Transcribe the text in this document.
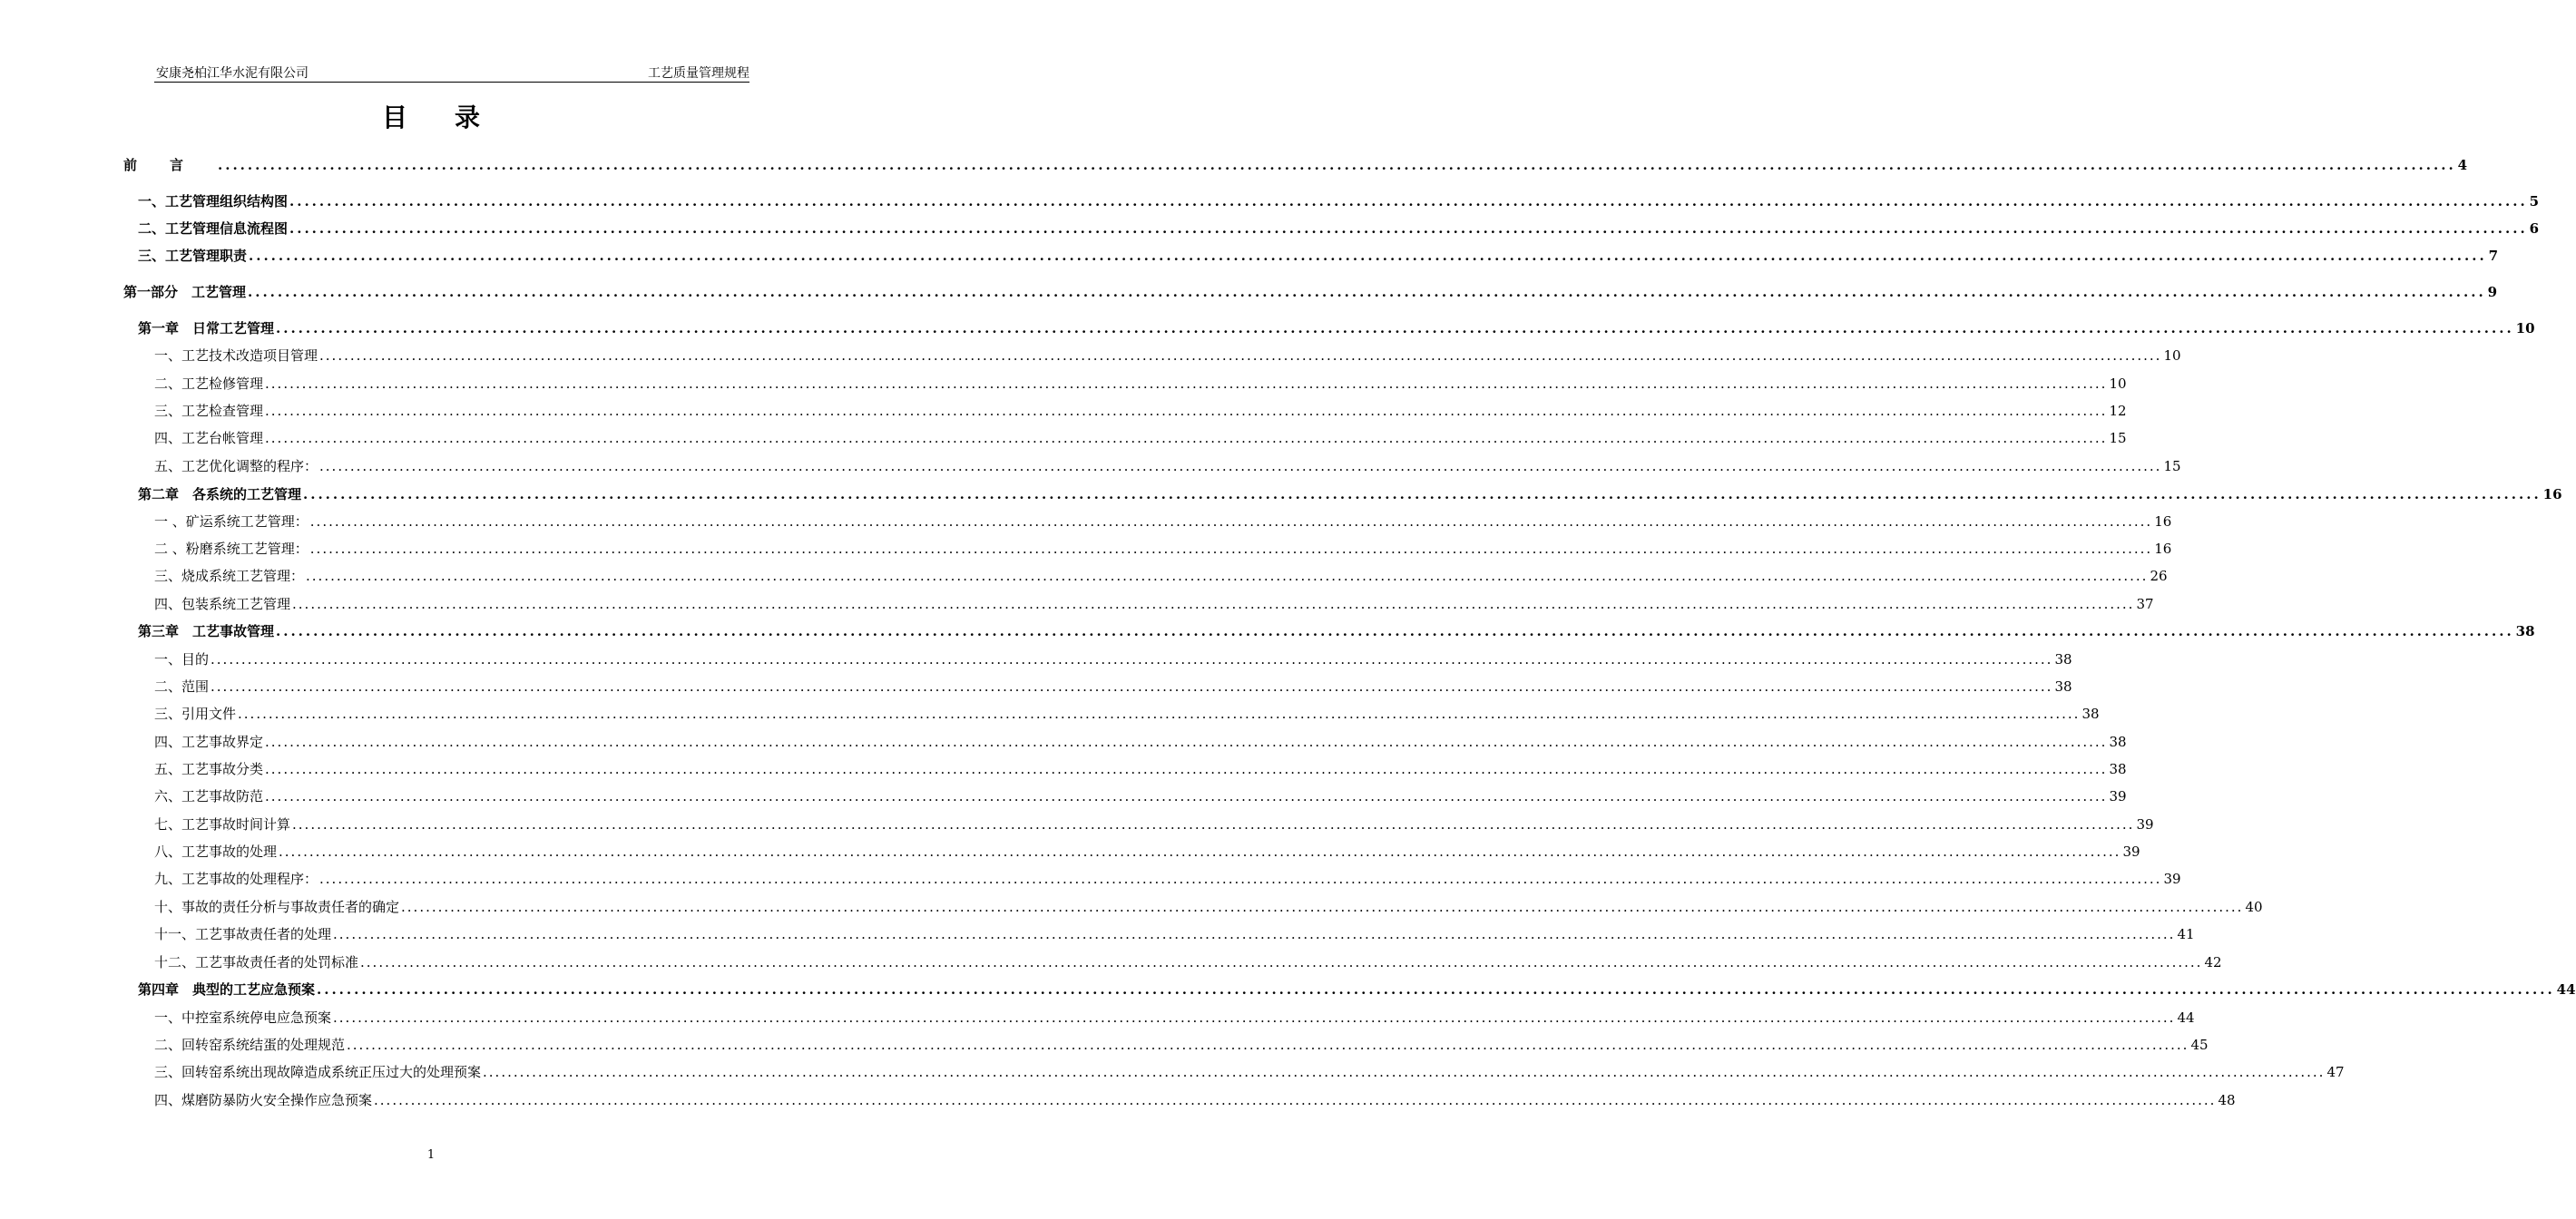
安康尧柏江华水泥有限公司	工艺质量管理规程
目录
前言 ............................................................................................................................................................................................................................................................................................................ 4
一、工艺管理组织结构图 ............................................................................................................................................................................................................................................................................................................ 5
二、工艺管理信息流程图 ............................................................................................................................................................................................................................................................................................................ 6
三、工艺管理职责 ............................................................................................................................................................................................................................................................................................................ 7
第一部分　工艺管理 ............................................................................................................................................................................................................................................................................................................ 9
第一章　日常工艺管理 ............................................................................................................................................................................................................................................................................................................ 10
一、工艺技术改造项目管理 ............................................................................................................................................................................................................................................................................................................ 10
二、工艺检修管理 ............................................................................................................................................................................................................................................................................................................ 10
三、工艺检查管理 ............................................................................................................................................................................................................................................................................................................ 12
四、工艺台帐管理 ............................................................................................................................................................................................................................................................................................................ 15
五、工艺优化调整的程序： ............................................................................................................................................................................................................................................................................................................ 15
第二章　各系统的工艺管理 ............................................................................................................................................................................................................................................................................................................ 16
一 、矿运系统工艺管理： ............................................................................................................................................................................................................................................................................................................ 16
二 、粉磨系统工艺管理： ............................................................................................................................................................................................................................................................................................................ 16
三、烧成系统工艺管理： ............................................................................................................................................................................................................................................................................................................ 26
四、包装系统工艺管理 ............................................................................................................................................................................................................................................................................................................ 37
第三章　工艺事故管理 ............................................................................................................................................................................................................................................................................................................ 38
一、目的 ............................................................................................................................................................................................................................................................................................................ 38
二、范围 ............................................................................................................................................................................................................................................................................................................ 38
三、引用文件 ............................................................................................................................................................................................................................................................................................................ 38
四、工艺事故界定 ............................................................................................................................................................................................................................................................................................................ 38
五、工艺事故分类 ............................................................................................................................................................................................................................................................................................................ 38
六、工艺事故防范 ............................................................................................................................................................................................................................................................................................................ 39
七、工艺事故时间计算 ............................................................................................................................................................................................................................................................................................................ 39
八、工艺事故的处理 ............................................................................................................................................................................................................................................................................................................ 39
九、工艺事故的处理程序： ............................................................................................................................................................................................................................................................................................................ 39
十、事故的责任分析与事故责任者的确定 ............................................................................................................................................................................................................................................................................................................ 40
十一、工艺事故责任者的处理 ............................................................................................................................................................................................................................................................................................................ 41
十二、工艺事故责任者的处罚标准 ............................................................................................................................................................................................................................................................................................................ 42
第四章　典型的工艺应急预案 ............................................................................................................................................................................................................................................................................................................ 44
一、中控室系统停电应急预案 ............................................................................................................................................................................................................................................................................................................ 44
二、回转窑系统结蛋的处理规范 ............................................................................................................................................................................................................................................................................................................ 45
三、回转窑系统出现故障造成系统正压过大的处理预案 ............................................................................................................................................................................................................................................................................................................ 47
四、煤磨防暴防火安全操作应急预案 ............................................................................................................................................................................................................................................................................................................ 48
1
